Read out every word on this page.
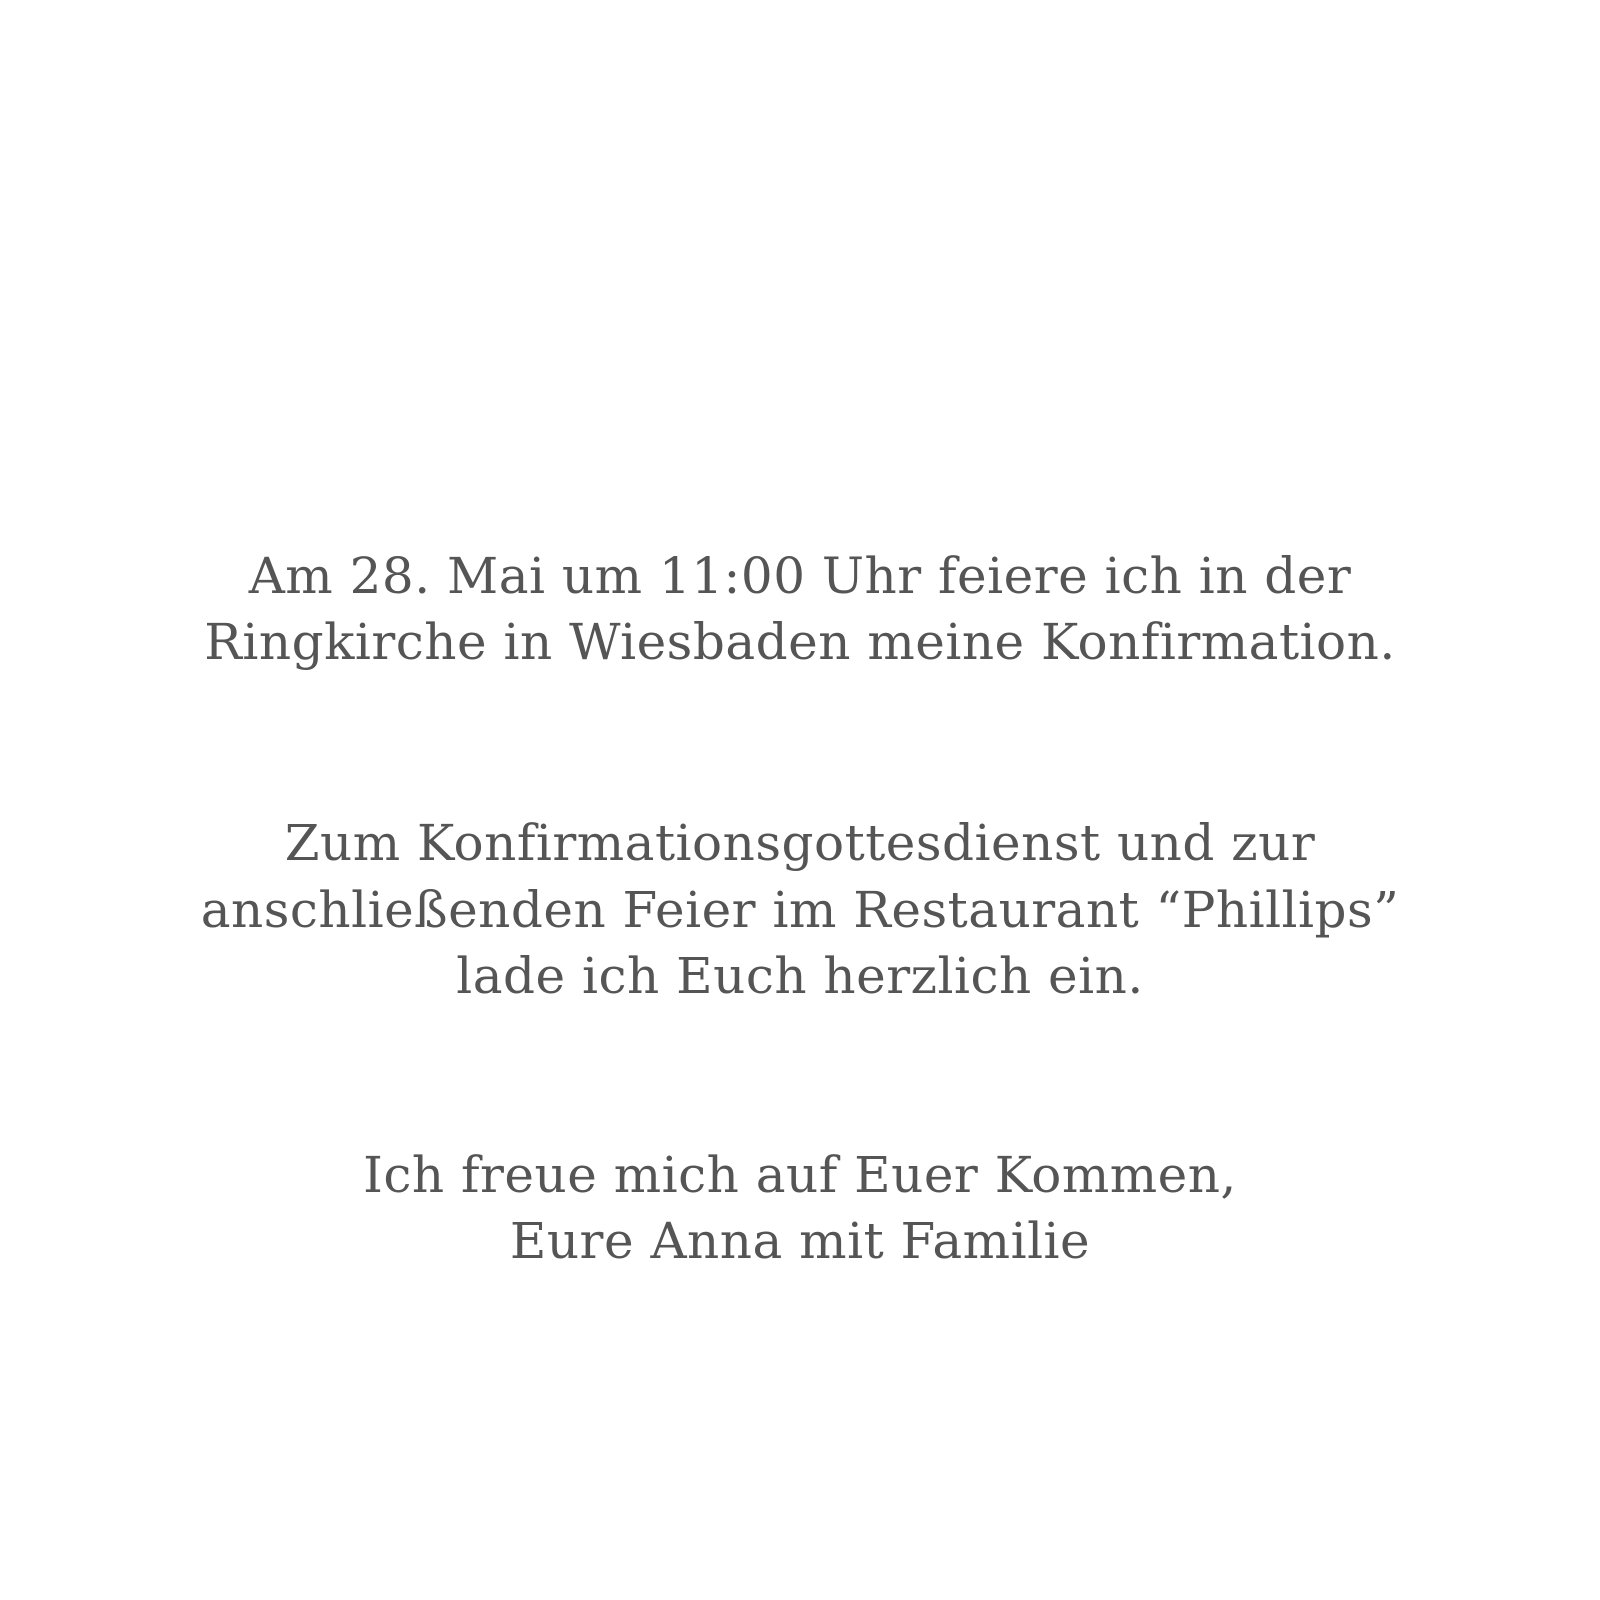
Am 28. Mai um 11:00 Uhr feiere ich in der
Ringkirche in Wiesbaden meine Konfirmation.
Zum Konfirmationsgottesdienst und zur
anschließenden Feier im Restaurant “Phillips”
lade ich Euch herzlich ein.
Ich freue mich auf Euer Kommen,
Eure Anna mit Familie
